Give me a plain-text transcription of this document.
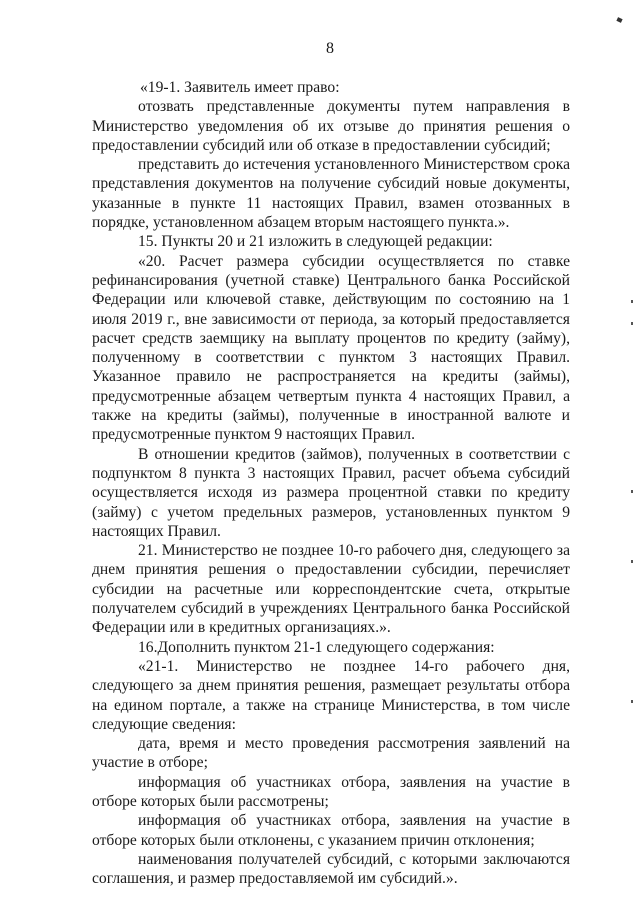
8

«19-1. Заявитель имеет право:

отозвать представленные документы путем направления в Министерство уведомления об их отзыве до принятия решения о предоставлении субсидий или об отказе в предоставлении субсидий;

представить до истечения установленного Министерством срока представления документов на получение субсидий новые документы, указанные в пункте 11 настоящих Правил, взамен отозванных в порядке, установленном абзацем вторым настоящего пункта.».

15. Пункты 20 и 21 изложить в следующей редакции:

«20. Расчет размера субсидии осуществляется по ставке рефинансирования (учетной ставке) Центрального банка Российской Федерации или ключевой ставке, действующим по состоянию на 1 июля 2019 г., вне зависимости от периода, за который предоставляется расчет средств заемщику на выплату процентов по кредиту (займу), полученному в соответствии с пунктом 3 настоящих Правил. Указанное правило не распространяется на кредиты (займы), предусмотренные абзацем четвертым пункта 4 настоящих Правил, а также на кредиты (займы), полученные в иностранной валюте и предусмотренные пунктом 9 настоящих Правил.

В отношении кредитов (займов), полученных в соответствии с подпунктом 8 пункта 3 настоящих Правил, расчет объема субсидий осуществляется исходя из размера процентной ставки по кредиту (займу) с учетом предельных размеров, установленных пунктом 9 настоящих Правил.

21. Министерство не позднее 10-го рабочего дня, следующего за днем принятия решения о предоставлении субсидии, перечисляет субсидии на расчетные или корреспондентские счета, открытые получателем субсидий в учреждениях Центрального банка Российской Федерации или в кредитных организациях.».

16.Дополнить пунктом 21-1 следующего содержания:

«21-1. Министерство не позднее 14-го рабочего дня, следующего за днем принятия решения, размещает результаты отбора на едином портале, а также на странице Министерства, в том числе следующие сведения:

дата, время и место проведения рассмотрения заявлений на участие в отборе;

информация об участниках отбора, заявления на участие в отборе которых были рассмотрены;

информация об участниках отбора, заявления на участие в отборе которых были отклонены, с указанием причин отклонения;

наименования получателей субсидий, с которыми заключаются соглашения, и размер предоставляемой им субсидий.».
